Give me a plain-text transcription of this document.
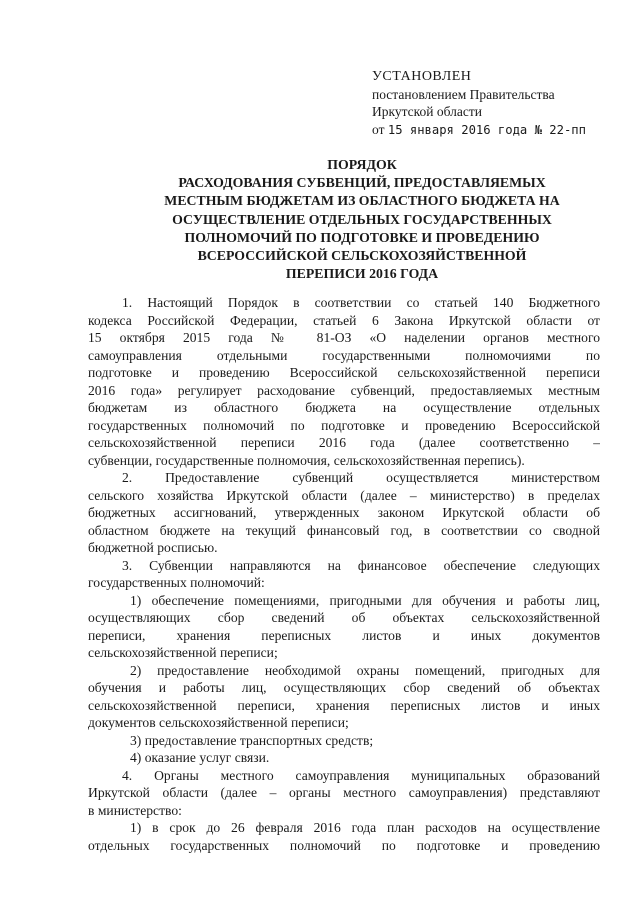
УСТАНОВЛЕН
постановлением Правительства
Иркутской области
от 15 января 2016 года № 22-пп
ПОРЯДОК
РАСХОДОВАНИЯ СУБВЕНЦИЙ, ПРЕДОСТАВЛЯЕМЫХ
МЕСТНЫМ БЮДЖЕТАМ ИЗ ОБЛАСТНОГО БЮДЖЕТА НА
ОСУЩЕСТВЛЕНИЕ ОТДЕЛЬНЫХ ГОСУДАРСТВЕННЫХ
ПОЛНОМОЧИЙ ПО ПОДГОТОВКЕ И ПРОВЕДЕНИЮ
ВСЕРОССИЙСКОЙ СЕЛЬСКОХОЗЯЙСТВЕННОЙ
ПЕРЕПИСИ 2016 ГОДА
1. Настоящий Порядок в соответствии со статьей 140 Бюджетного
кодекса Российской Федерации, статьей 6 Закона Иркутской области от
15 октября 2015 года № 81-ОЗ «О наделении органов местного
самоуправления отдельными государственными полномочиями по
подготовке и проведению Всероссийской сельскохозяйственной переписи
2016 года» регулирует расходование субвенций, предоставляемых местным
бюджетам из областного бюджета на осуществление отдельных
государственных полномочий по подготовке и проведению Всероссийской
сельскохозяйственной переписи 2016 года (далее соответственно –
субвенции, государственные полномочия, сельскохозяйственная перепись).
2. Предоставление субвенций осуществляется министерством
сельского хозяйства Иркутской области (далее – министерство) в пределах
бюджетных ассигнований, утвержденных законом Иркутской области об
областном бюджете на текущий финансовый год, в соответствии со сводной
бюджетной росписью.
3. Субвенции направляются на финансовое обеспечение следующих
государственных полномочий:
1) обеспечение помещениями, пригодными для обучения и работы лиц,
осуществляющих сбор сведений об объектах сельскохозяйственной
переписи, хранения переписных листов и иных документов
сельскохозяйственной переписи;
2) предоставление необходимой охраны помещений, пригодных для
обучения и работы лиц, осуществляющих сбор сведений об объектах
сельскохозяйственной переписи, хранения переписных листов и иных
документов сельскохозяйственной переписи;
3) предоставление транспортных средств;
4) оказание услуг связи.
4. Органы местного самоуправления муниципальных образований
Иркутской области (далее – органы местного самоуправления) представляют
в министерство:
1) в срок до 26 февраля 2016 года план расходов на осуществление
отдельных государственных полномочий по подготовке и проведению
